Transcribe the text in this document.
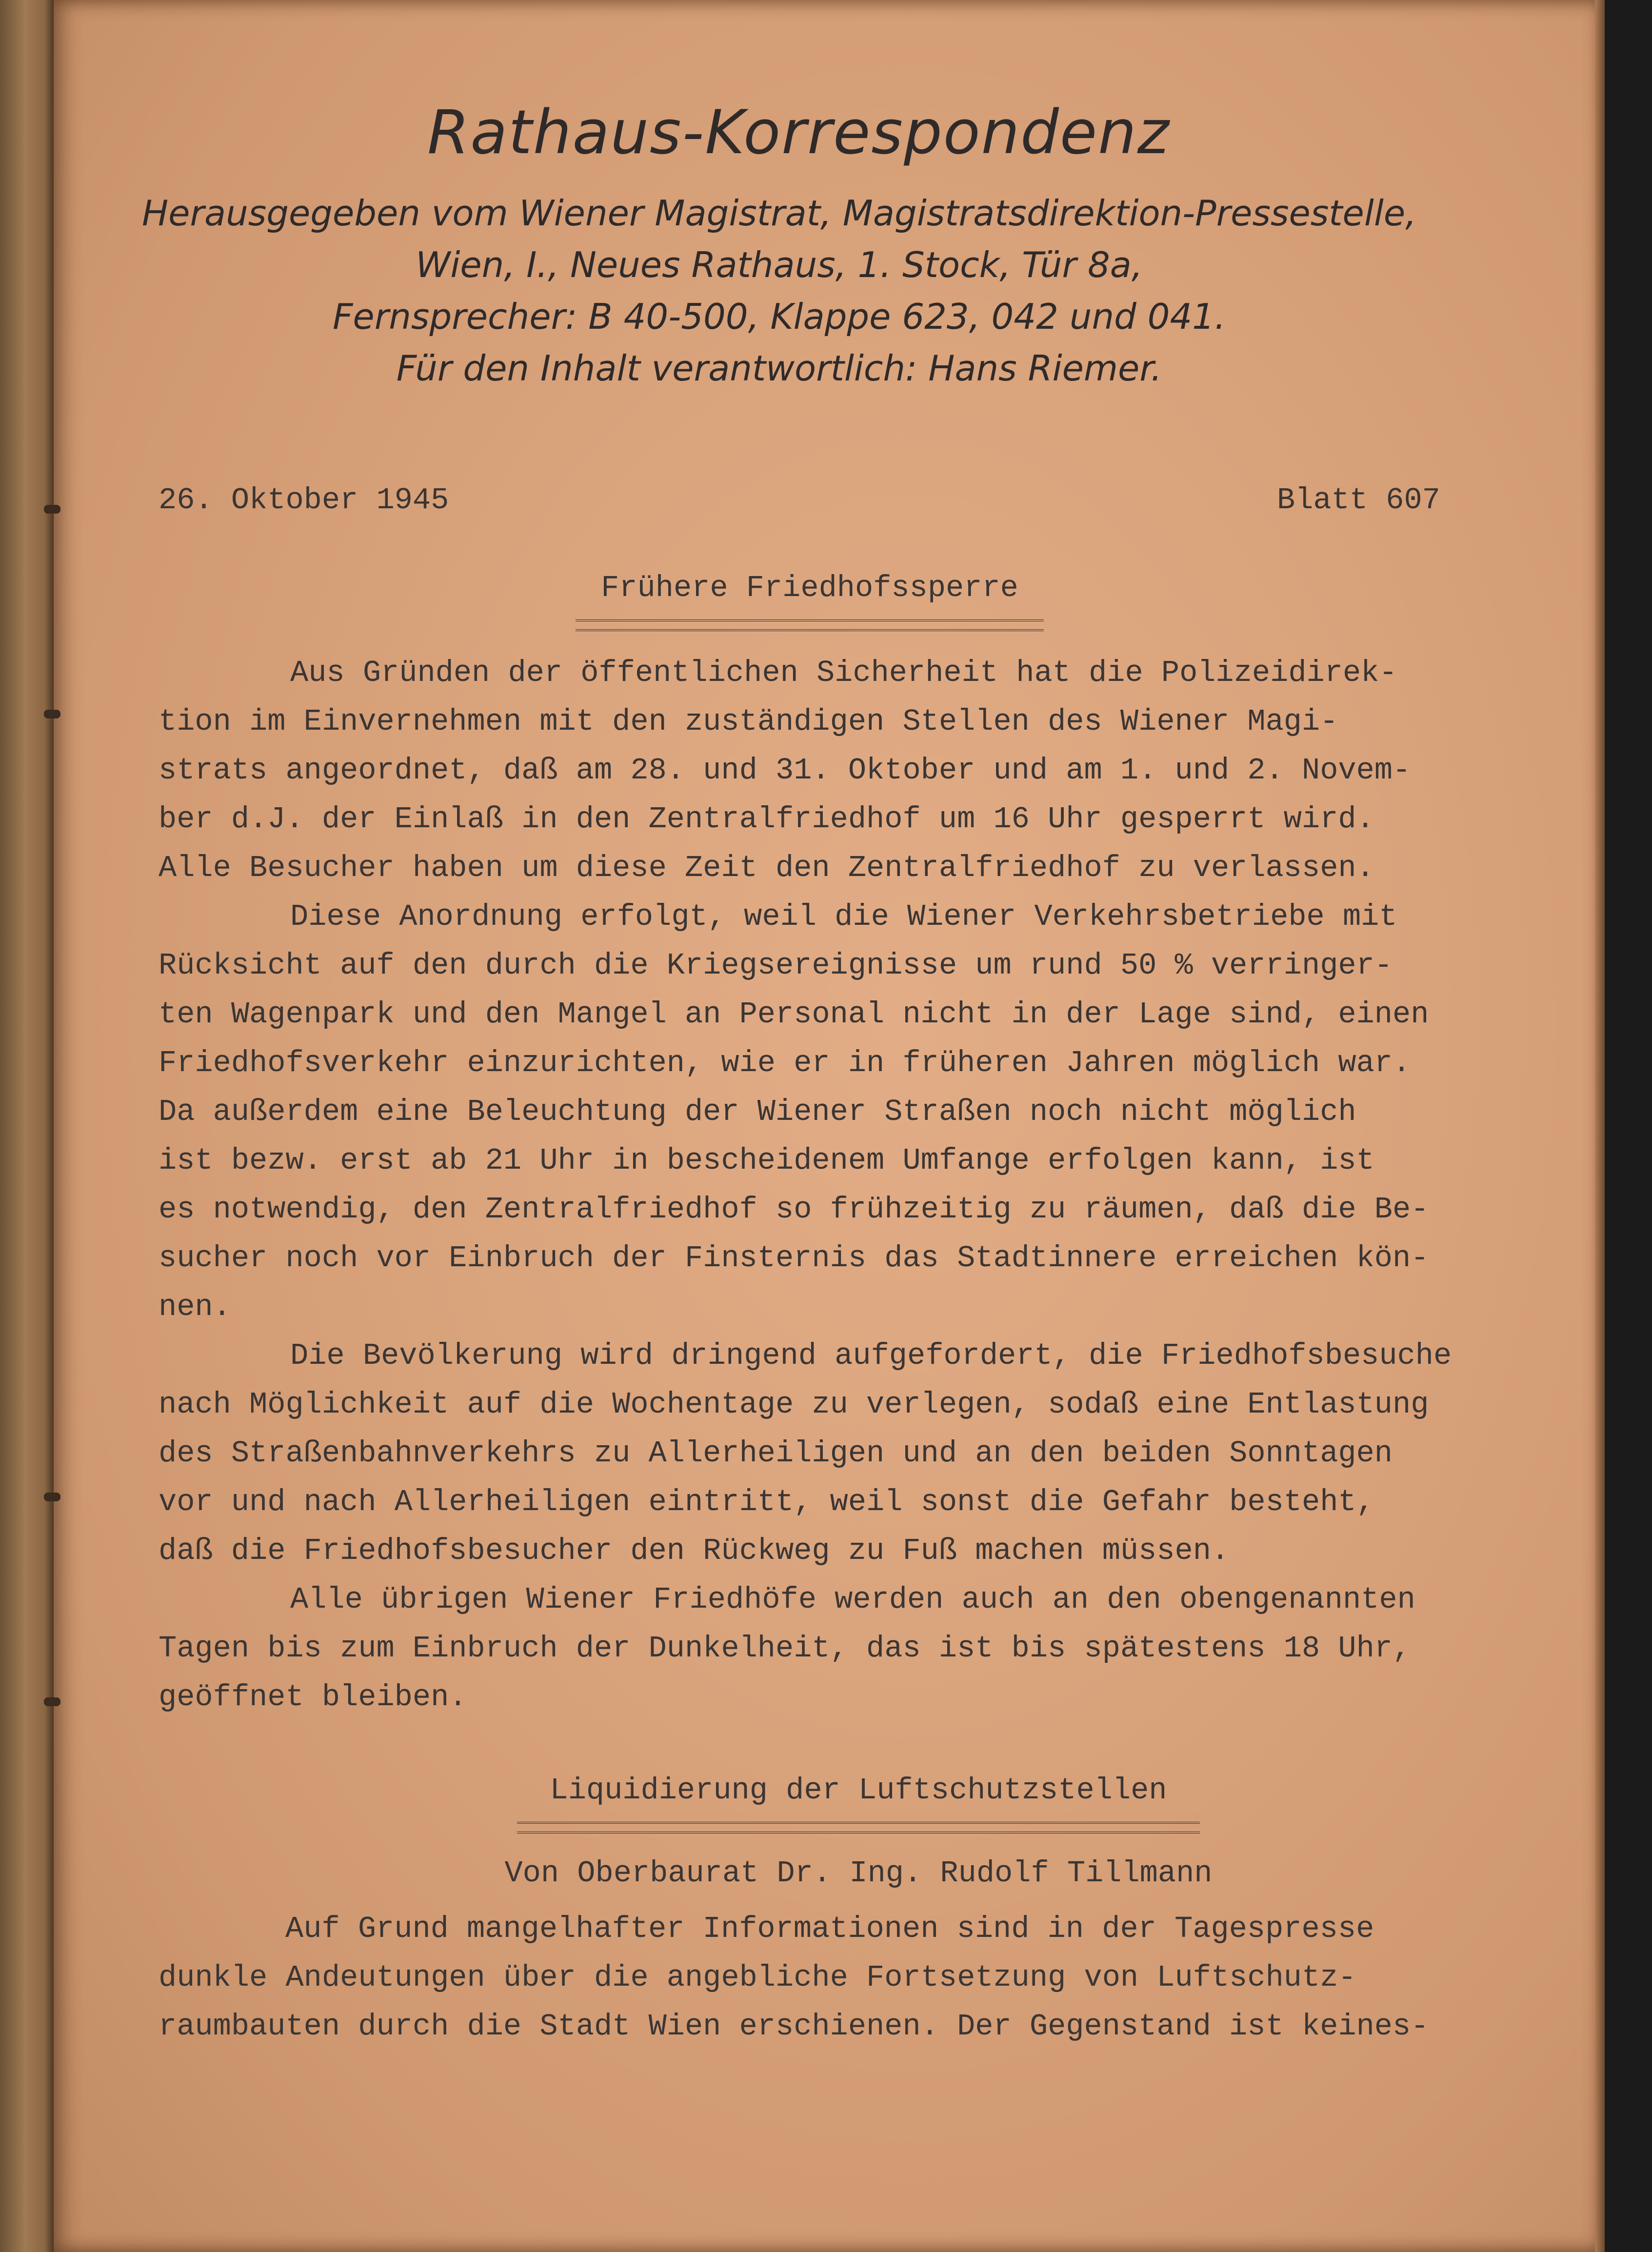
Rathaus-Korrespondenz
Herausgegeben vom Wiener Magistrat, Magistratsdirektion-Pressestelle,
Wien, I., Neues Rathaus, 1. Stock, Tür 8a,
Fernsprecher: B 40-500, Klappe 623, 042 und 041.
Für den Inhalt verantwortlich: Hans Riemer.
26. Oktober 1945	Blatt 607
Frühere Friedhofssperre
Aus Gründen der öffentlichen Sicherheit hat die Polizeidirek-
tion im Einvernehmen mit den zuständigen Stellen des Wiener Magi-
strats angeordnet, daß am 28. und 31. Oktober und am 1. und 2. Novem-
ber d.J. der Einlaß in den Zentralfriedhof um 16 Uhr gesperrt wird.
Alle Besucher haben um diese Zeit den Zentralfriedhof zu verlassen.
Diese Anordnung erfolgt, weil die Wiener Verkehrsbetriebe mit
Rücksicht auf den durch die Kriegsereignisse um rund 50 % verringer-
ten Wagenpark und den Mangel an Personal nicht in der Lage sind, einen
Friedhofsverkehr einzurichten, wie er in früheren Jahren möglich war.
Da außerdem eine Beleuchtung der Wiener Straßen noch nicht möglich
ist bezw. erst ab 21 Uhr in bescheidenem Umfange erfolgen kann, ist
es notwendig, den Zentralfriedhof so frühzeitig zu räumen, daß die Be-
sucher noch vor Einbruch der Finsternis das Stadtinnere erreichen kön-
nen.
Die Bevölkerung wird dringend aufgefordert, die Friedhofsbesuche
nach Möglichkeit auf die Wochentage zu verlegen, sodaß eine Entlastung
des Straßenbahnverkehrs zu Allerheiligen und an den beiden Sonntagen
vor und nach Allerheiligen eintritt, weil sonst die Gefahr besteht,
daß die Friedhofsbesucher den Rückweg zu Fuß machen müssen.
Alle übrigen Wiener Friedhöfe werden auch an den obengenannten
Tagen bis zum Einbruch der Dunkelheit, das ist bis spätestens 18 Uhr,
geöffnet bleiben.
Liquidierung der Luftschutzstellen
Von Oberbaurat Dr. Ing. Rudolf Tillmann
Auf Grund mangelhafter Informationen sind in der Tagespresse
dunkle Andeutungen über die angebliche Fortsetzung von Luftschutz-
raumbauten durch die Stadt Wien erschienen. Der Gegenstand ist keines-
